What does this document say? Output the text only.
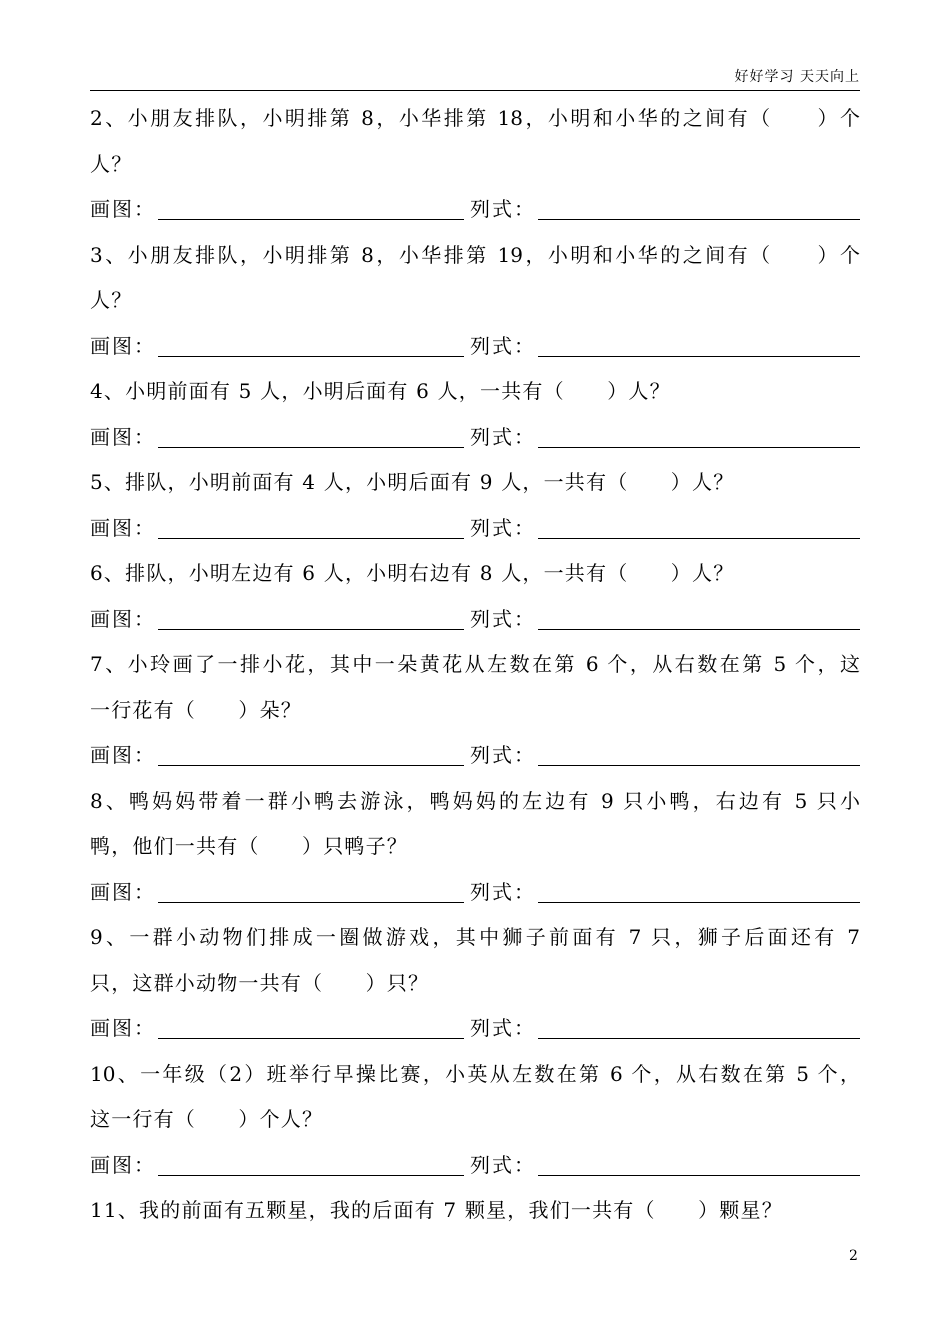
好好学习 天天向上
2、小朋友排队，小明排第 8，小华排第 18，小明和小华的之间有（　　）个
人？
画图：	列式：
3、小朋友排队，小明排第 8，小华排第 19，小明和小华的之间有（　　）个
人？
画图：	列式：
4、小明前面有 5 人，小明后面有 6 人，一共有（　　）人？
画图：	列式：
5、排队，小明前面有 4 人，小明后面有 9 人，一共有（　　）人？
画图：	列式：
6、排队，小明左边有 6 人，小明右边有 8 人，一共有（　　）人？
画图：	列式：
7、小玲画了一排小花，其中一朵黄花从左数在第 6 个，从右数在第 5 个，这
一行花有（　　）朵？
画图：	列式：
8、鸭妈妈带着一群小鸭去游泳，鸭妈妈的左边有 9 只小鸭，右边有 5 只小
鸭，他们一共有（　　）只鸭子？
画图：	列式：
9、一群小动物们排成一圈做游戏，其中狮子前面有 7 只，狮子后面还有 7
只，这群小动物一共有（　　）只？
画图：	列式：
10、一年级（2）班举行早操比赛，小英从左数在第 6 个，从右数在第 5 个，
这一行有（　　）个人？
画图：	列式：
11、我的前面有五颗星，我的后面有 7 颗星，我们一共有（　　）颗星？
2
